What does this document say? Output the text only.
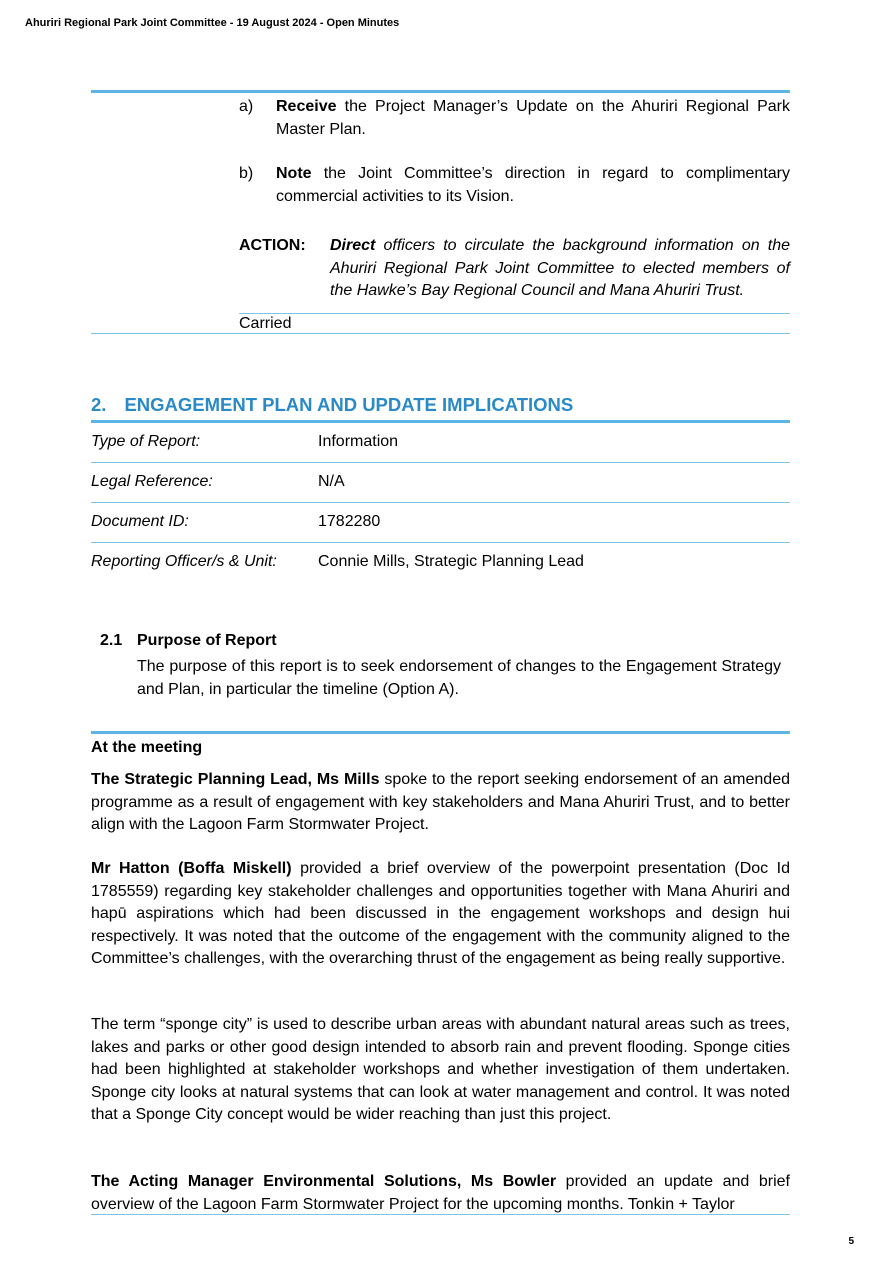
Ahuriri Regional Park Joint Committee - 19 August 2024 - Open Minutes
a) Receive the Project Manager’s Update on the Ahuriri Regional Park Master Plan.
b) Note the Joint Committee’s direction in regard to complimentary commercial activities to its Vision.
ACTION: Direct officers to circulate the background information on the Ahuriri Regional Park Joint Committee to elected members of the Hawke’s Bay Regional Council and Mana Ahuriri Trust.
Carried
2. ENGAGEMENT PLAN AND UPDATE IMPLICATIONS
Type of Report:	Information
Legal Reference:	N/A
Document ID:	1782280
Reporting Officer/s & Unit:	Connie Mills, Strategic Planning Lead
2.1 Purpose of Report
The purpose of this report is to seek endorsement of changes to the Engagement Strategy and Plan, in particular the timeline (Option A).
At the meeting
The Strategic Planning Lead, Ms Mills spoke to the report seeking endorsement of an amended programme as a result of engagement with key stakeholders and Mana Ahuriri Trust, and to better align with the Lagoon Farm Stormwater Project.
Mr Hatton (Boffa Miskell) provided a brief overview of the powerpoint presentation (Doc Id 1785559) regarding key stakeholder challenges and opportunities together with Mana Ahuriri and hapū aspirations which had been discussed in the engagement workshops and design hui respectively. It was noted that the outcome of the engagement with the community aligned to the Committee’s challenges, with the overarching thrust of the engagement as being really supportive.
The term “sponge city” is used to describe urban areas with abundant natural areas such as trees, lakes and parks or other good design intended to absorb rain and prevent flooding. Sponge cities had been highlighted at stakeholder workshops and whether investigation of them undertaken. Sponge city looks at natural systems that can look at water management and control. It was noted that a Sponge City concept would be wider reaching than just this project.
The Acting Manager Environmental Solutions, Ms Bowler provided an update and brief overview of the Lagoon Farm Stormwater Project for the upcoming months. Tonkin + Taylor
5
